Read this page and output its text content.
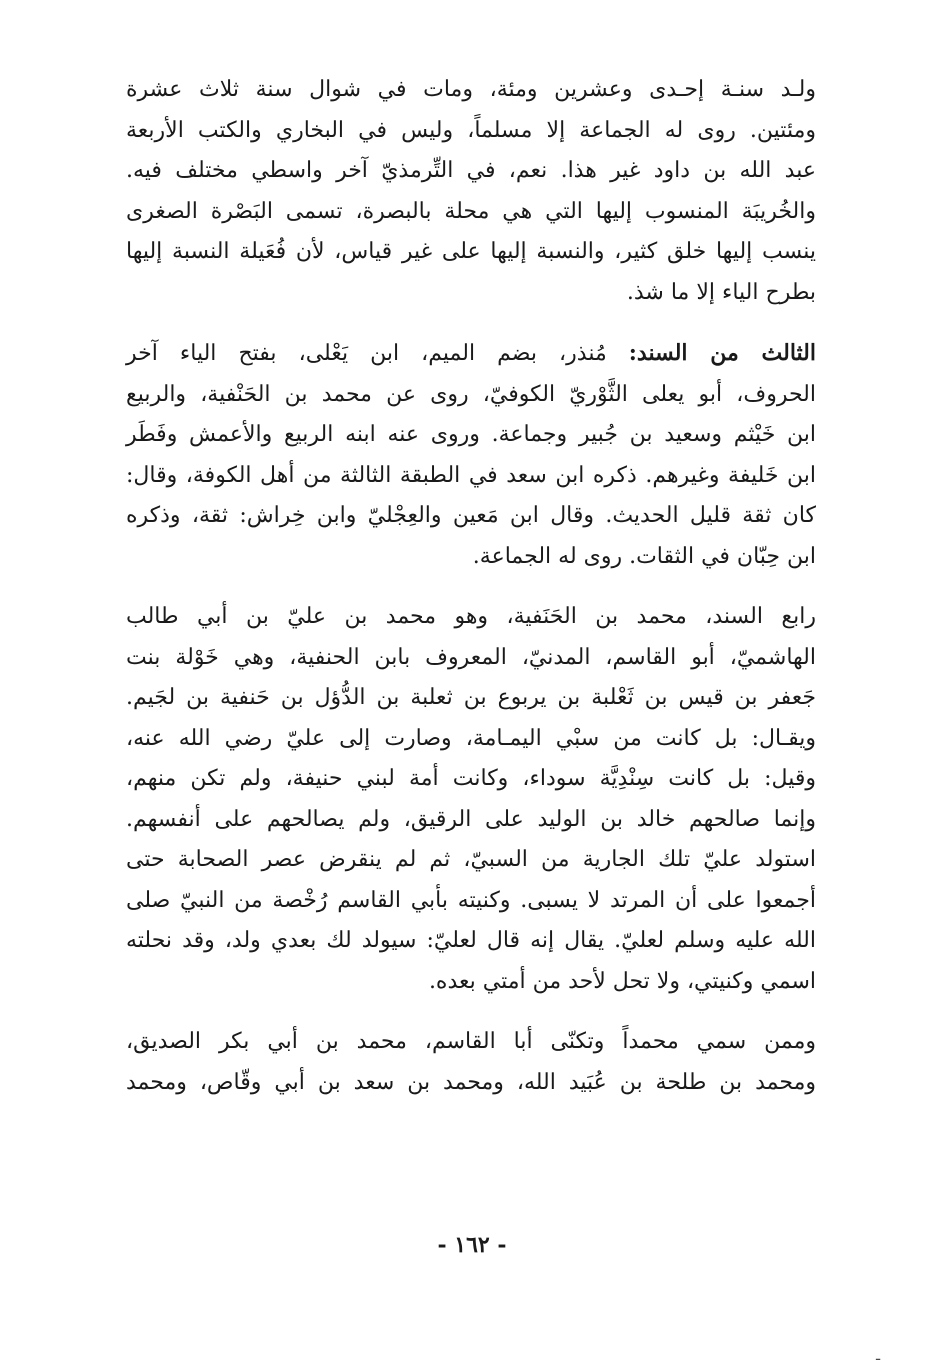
ولـد سنـة إحـدى وعشرين ومئة، ومات في شوال سنة ثلاث عشرة
ومئتين. روى له الجماعة إلا مسلماً، وليس في البخاري والكتب الأربعة
عبد الله بن داود غير هذا. نعم، في التِّرمذيّ آخر واسطي مختلف فيه.
والخُريبَة المنسوب إليها التي هي محلة بالبصرة، تسمى البَصْرة الصغرى
ينسب إليها خلق كثير، والنسبة إليها على غير قياس، لأن فُعَيلة النسبة إليها
بطرح الياء إلا ما شذ.

الثالث من السند: مُنذر، بضم الميم، ابن يَعْلى، بفتح الياء آخر
الحروف، أبو يعلى الثَّوْريّ الكوفيّ، روى عن محمد بن الحَنْفية، والربيع
ابن خَيْثم وسعيد بن جُبير وجماعة. وروى عنه ابنه الربيع والأعمش وفَطَر
ابن خَليفة وغيرهم. ذكره ابن سعد في الطبقة الثالثة من أهل الكوفة، وقال:
كان ثقة قليل الحديث. وقال ابن مَعين والعِجْليّ وابن خِراش: ثقة، وذكره
ابن حِبّان في الثقات. روى له الجماعة.

رابع السند، محمد بن الحَنَفية، وهو محمد بن عليّ بن أبي طالب
الهاشميّ، أبو القاسم، المدنيّ، المعروف بابن الحنفية، وهي خَوْلة بنت
جَعفر بن قيس بن ثَعْلبة بن يربوع بن ثعلبة بن الدُّؤل بن حَنفية بن لجَيم.
ويقـال: بل كانت من سبْي اليمـامة، وصارت إلى عليّ رضي الله عنه،
وقيل: بل كانت سِنْدِيَّة سوداء، وكانت أمة لبني حنيفة، ولم تكن منهم،
وإنما صالحهم خالد بن الوليد على الرقيق، ولم يصالحهم على أنفسهم.
استولد عليّ تلك الجارية من السبيّ، ثم لم ينقرض عصر الصحابة حتى
أجمعوا على أن المرتد لا يسبى. وكنيته بأبي القاسم رُخْصة من النبيّ صلى
الله عليه وسلم لعليّ. يقال إنه قال لعليّ: سيولد لك بعدي ولد، وقد نحلته
اسمي وكنيتي، ولا تحل لأحد من أمتي بعده.

وممن سمي محمداً وتكنّى أبا القاسم، محمد بن أبي بكر الصديق،
ومحمد بن طلحة بن عُبَيد الله، ومحمد بن سعد بن أبي وقّاص، ومحمد

- ١٦٢ -
ـ
